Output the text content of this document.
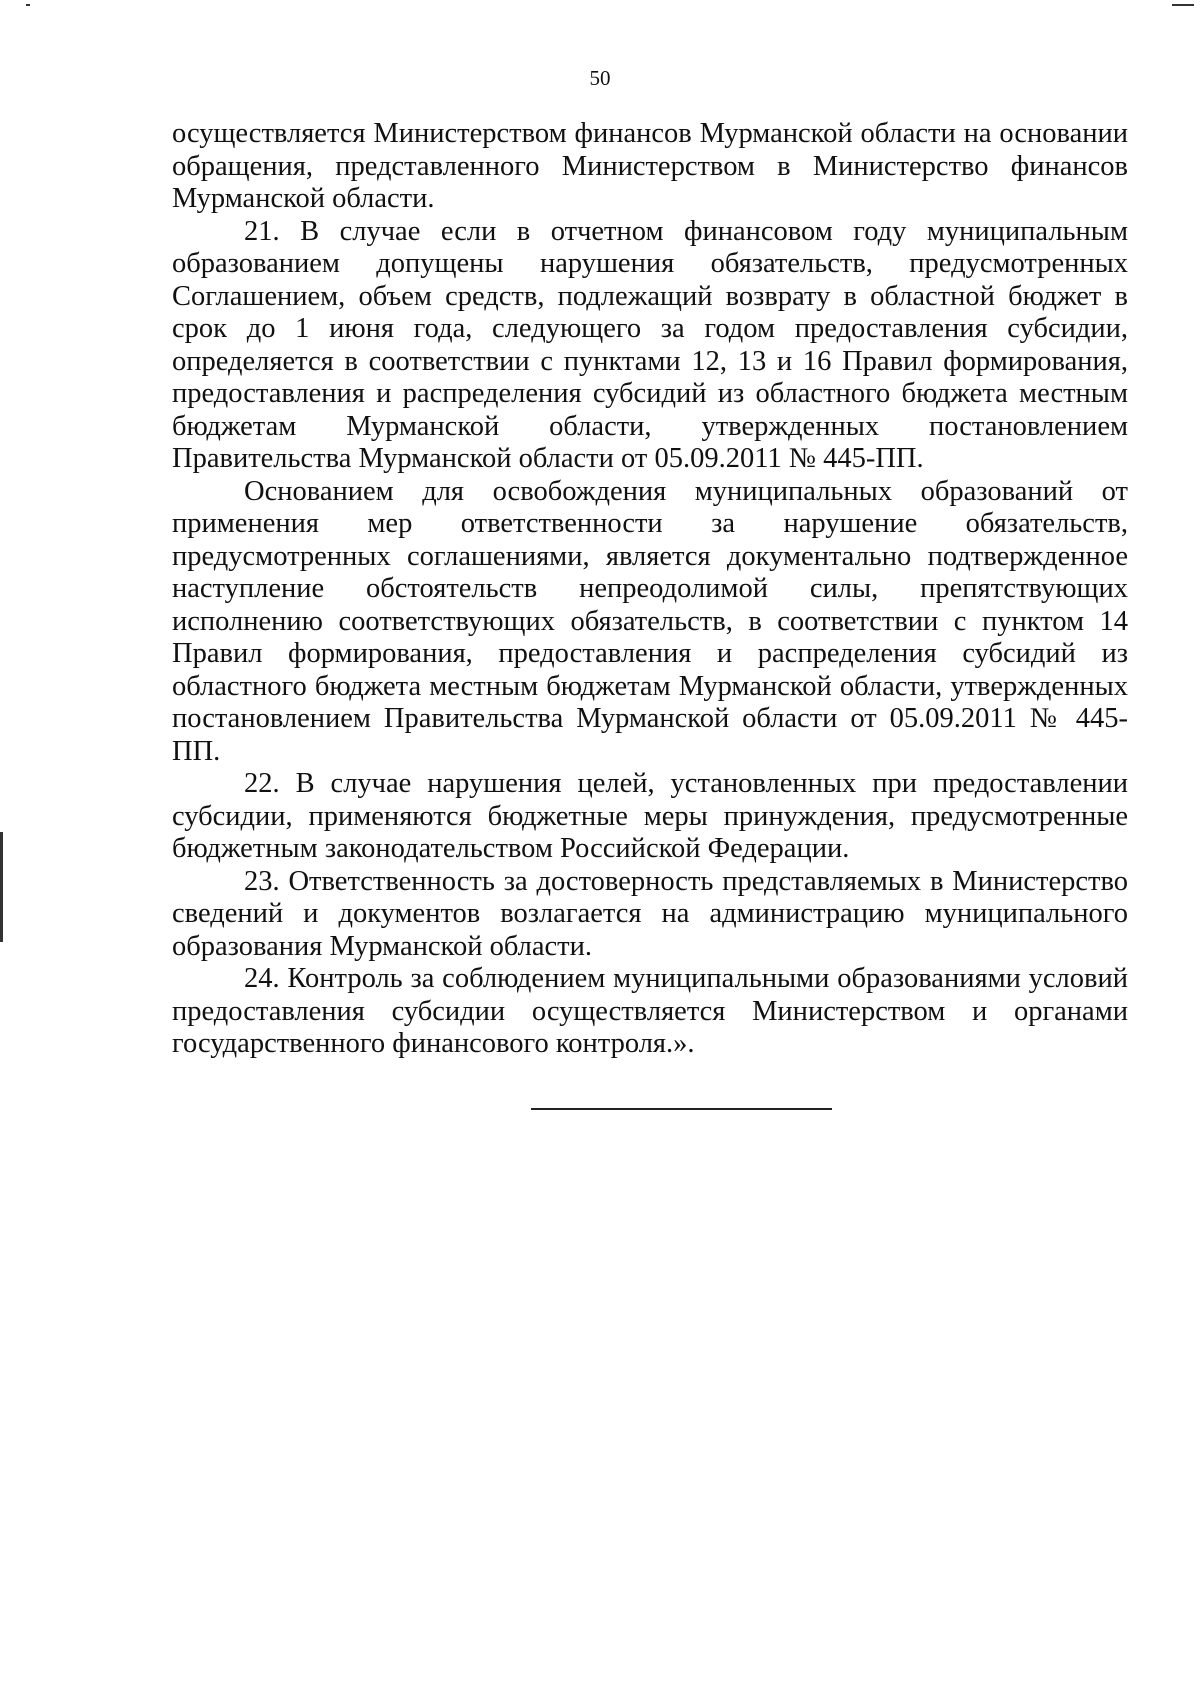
50

осуществляется Министерством финансов Мурманской области на основании обращения, представленного Министерством в Министерство финансов Мурманской области.

21. В случае если в отчетном финансовом году муниципальным образованием допущены нарушения обязательств, предусмотренных Соглашением, объем средств, подлежащий возврату в областной бюджет в срок до 1 июня года, следующего за годом предоставления субсидии, определяется в соответствии с пунктами 12, 13 и 16 Правил формирования, предоставления и распределения субсидий из областного бюджета местным бюджетам Мурманской области, утвержденных постановлением Правительства Мурманской области от 05.09.2011 № 445-ПП.

Основанием для освобождения муниципальных образований от применения мер ответственности за нарушение обязательств, предусмотренных соглашениями, является документально подтвержденное наступление обстоятельств непреодолимой силы, препятствующих исполнению соответствующих обязательств, в соответствии с пунктом 14 Правил формирования, предоставления и распределения субсидий из областного бюджета местным бюджетам Мурманской области, утвержденных постановлением Правительства Мурманской области от 05.09.2011 № 445-ПП.

22. В случае нарушения целей, установленных при предоставлении субсидии, применяются бюджетные меры принуждения, предусмотренные бюджетным законодательством Российской Федерации.

23. Ответственность за достоверность представляемых в Министерство сведений и документов возлагается на администрацию муниципального образования Мурманской области.

24. Контроль за соблюдением муниципальными образованиями условий предоставления субсидии осуществляется Министерством и органами государственного финансового контроля.».
